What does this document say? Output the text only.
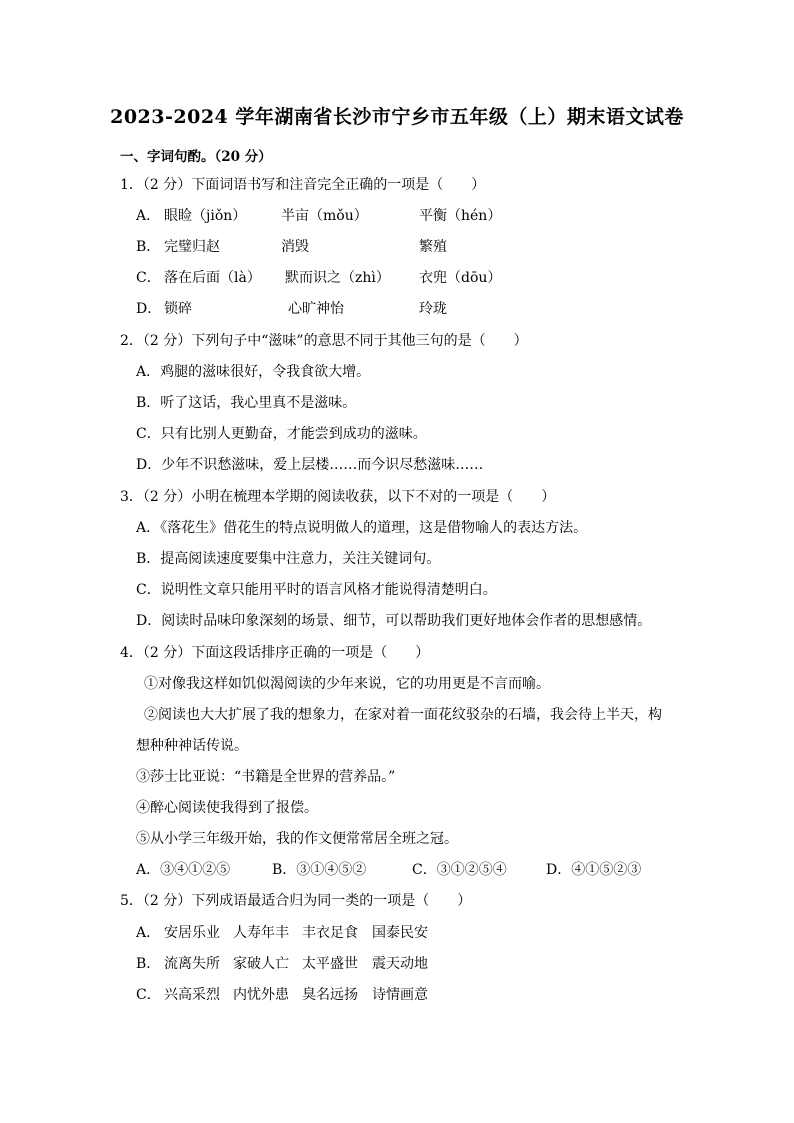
2023-2024 学年湖南省长沙市宁乡市五年级（上）期末语文试卷
一、字词句酌。（20 分）
1．（2 分）下面词语书写和注音完全正确的一项是（　　）
A． 眼睑（jiǒn） 半亩（mǒu）	平衡（hén）
B． 完璧归赵	消毁	繁殖
C． 落在后面（là） 默而识之（zhì） 衣兜（dōu）
D． 锁碎	心旷神怡	玲珑
2．（2 分）下列句子中“滋味”的意思不同于其他三句的是（　　）
A．鸡腿的滋味很好，令我食欲大增。
B．听了这话，我心里真不是滋味。
C．只有比别人更勤奋，才能尝到成功的滋味。
D．少年不识愁滋味，爱上层楼……而今识尽愁滋味……
3．（2 分）小明在梳理本学期的阅读收获，以下不对的一项是（　　）
A．《落花生》借花生的特点说明做人的道理，这是借物喻人的表达方法。
B．提高阅读速度要集中注意力，关注关键词句。
C．说明性文章只能用平时的语言风格才能说得清楚明白。
D．阅读时品味印象深刻的场景、细节，可以帮助我们更好地体会作者的思想感情。
4．（2 分）下面这段话排序正确的一项是（　　）
①对像我这样如饥似渴阅读的少年来说，它的功用更是不言而喻。
②阅读也大大扩展了我的想象力，在家对着一面花纹驳杂的石墙，我会待上半天，构
想种种神话传说。
③莎士比亚说：“书籍是全世界的营养品。”
④醉心阅读使我得到了报偿。
⑤从小学三年级开始，我的作文便常常居全班之冠。
A．③④①②⑤	B．③①④⑤②	C．③①②⑤④	D．④①⑤②③
5．（2 分）下列成语最适合归为同一类的一项是（　　）
A． 安居乐业 人寿年丰 丰衣足食 国泰民安
B． 流离失所 家破人亡 太平盛世 震天动地
C． 兴高采烈 内忧外患 臭名远扬 诗情画意
